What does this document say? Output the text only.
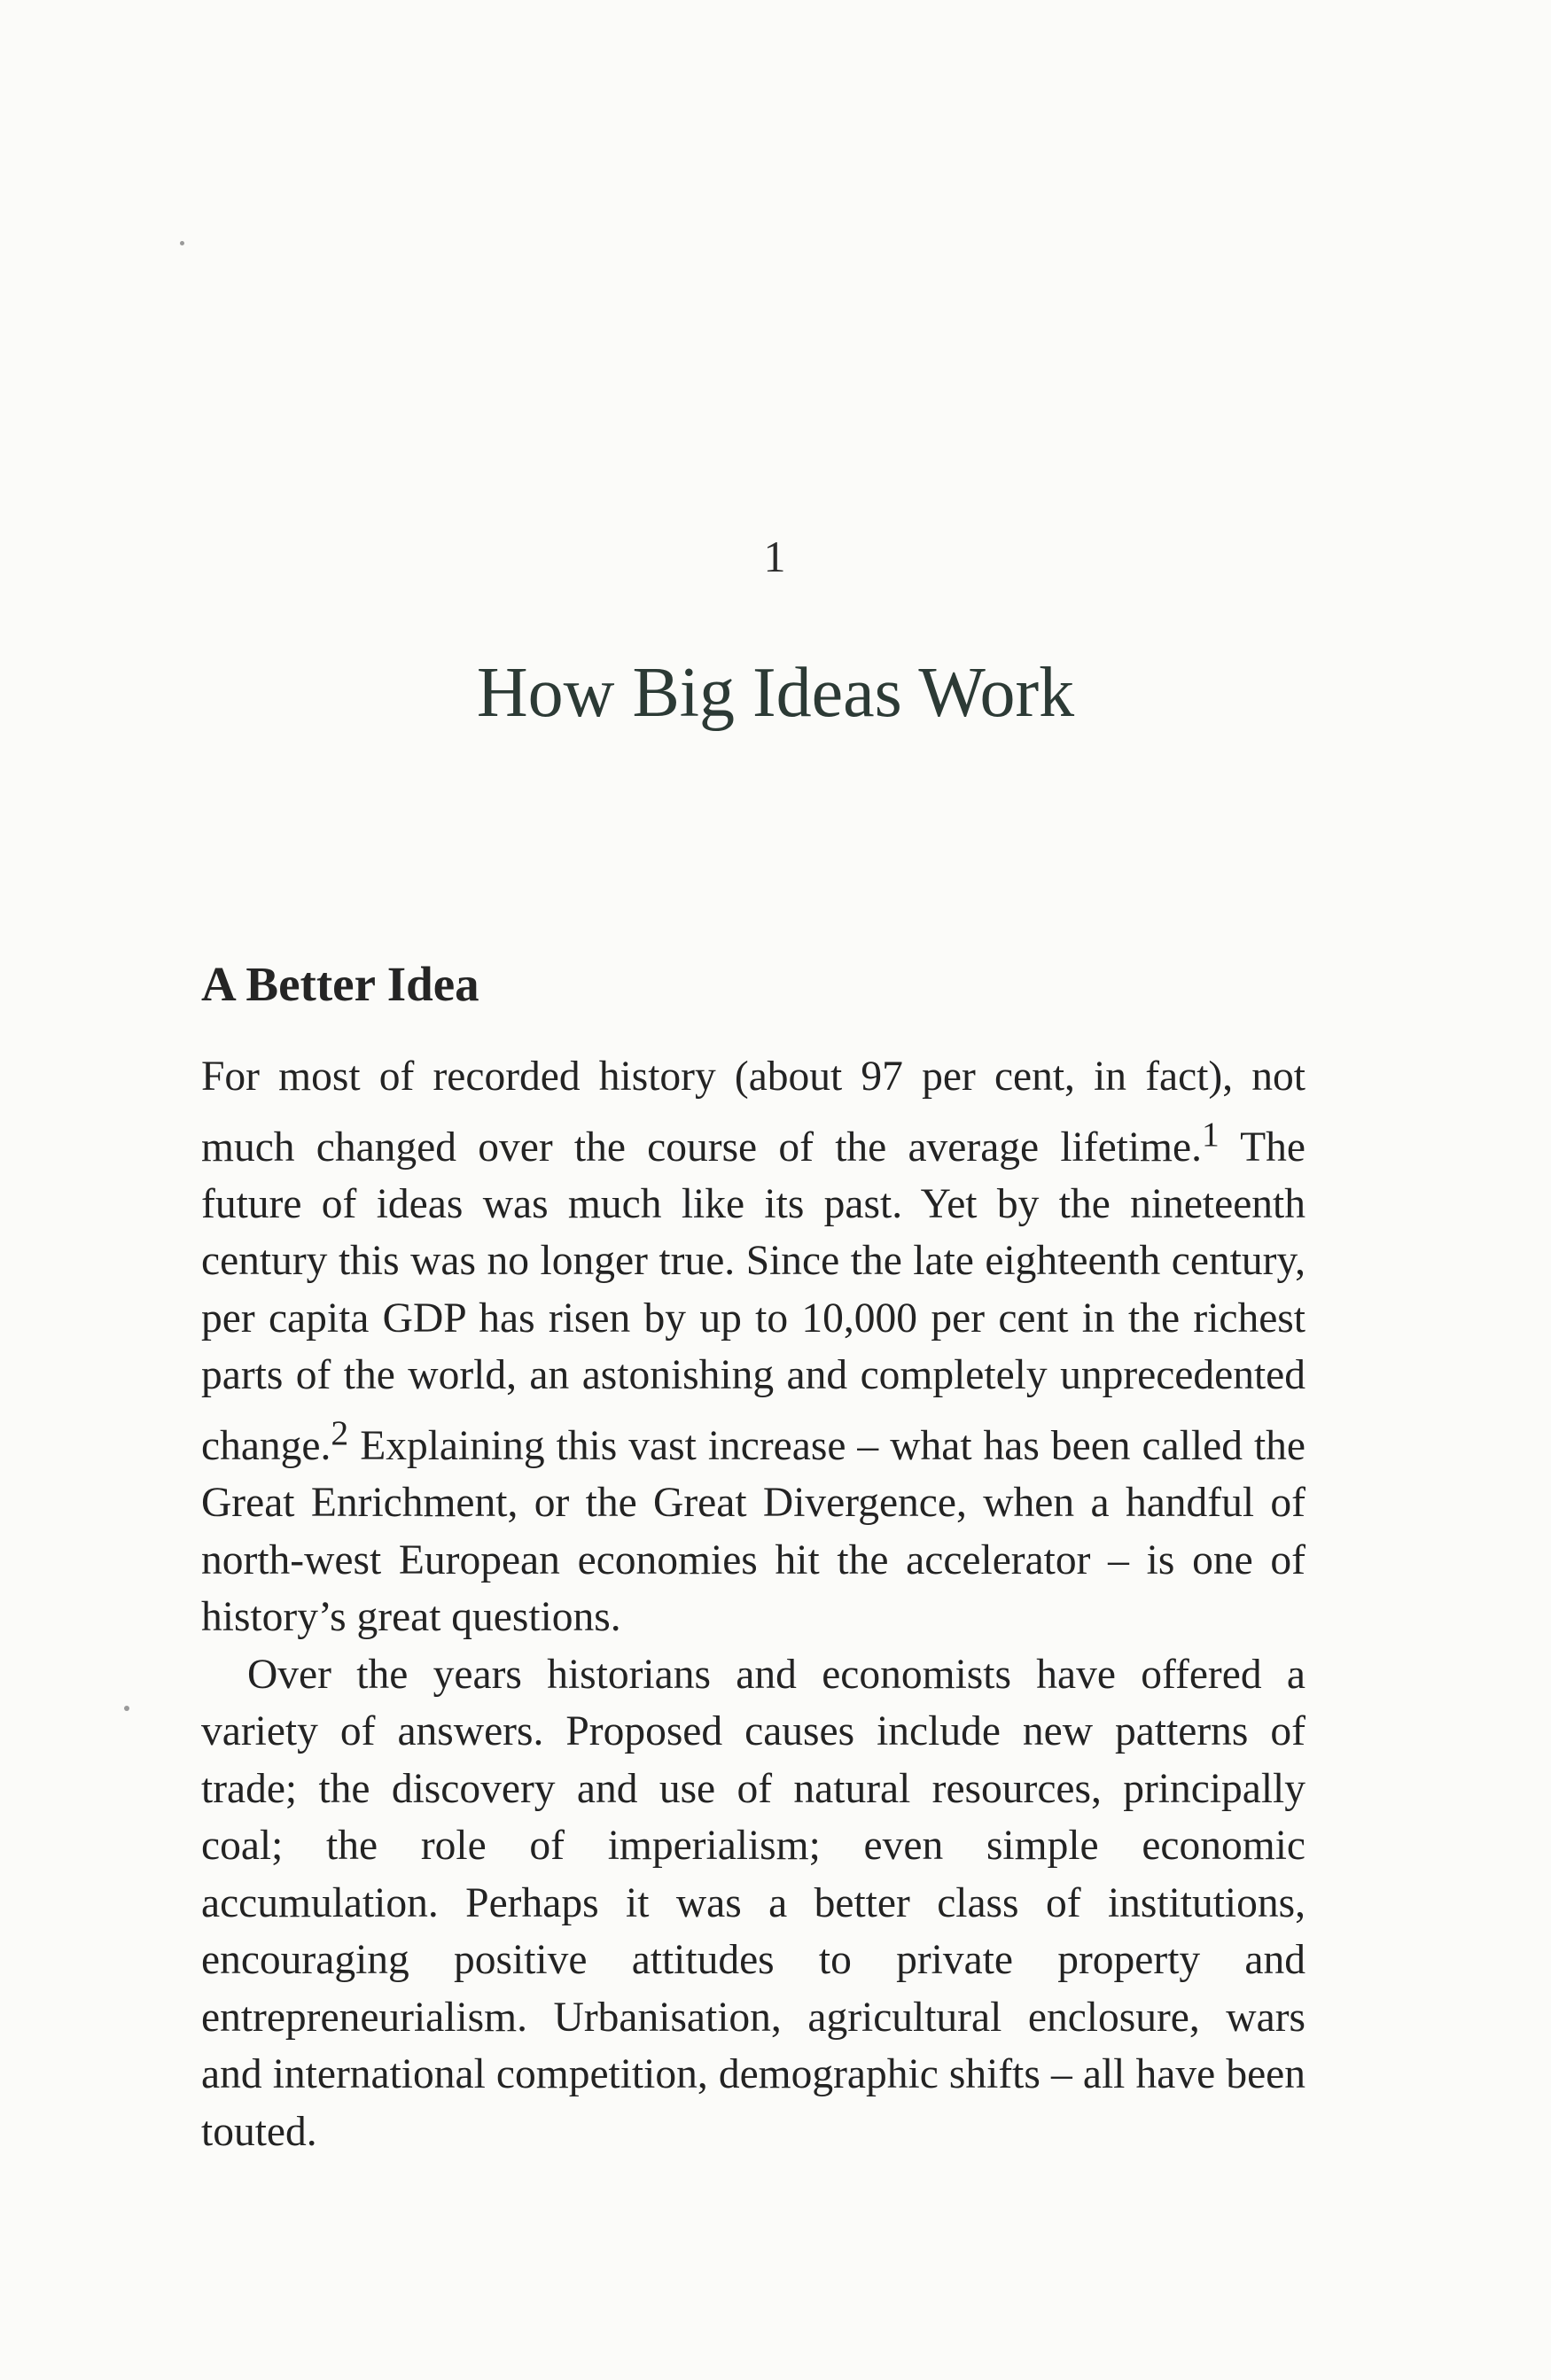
1
How Big Ideas Work
A Better Idea

For most of recorded history (about 97 per cent, in fact), not much changed over the course of the average lifetime.$^1$ The future of ideas was much like its past. Yet by the nineteenth century this was no longer true. Since the late eighteenth century, per capita GDP has risen by up to 10,000 per cent in the richest parts of the world, an astonishing and completely unprecedented change.$^2$ Explaining this vast increase – what has been called the Great Enrichment, or the Great Divergence, when a handful of north-west European economies hit the accelerator – is one of history’s great questions.

Over the years historians and economists have offered a variety of answers. Proposed causes include new patterns of trade; the discovery and use of natural resources, principally coal; the role of imperialism; even simple economic accumulation. Perhaps it was a better class of institutions, encouraging positive attitudes to private property and entrepreneurialism. Urbanisation, agricultural enclosure, wars and international competition, demographic shifts – all have been touted.
